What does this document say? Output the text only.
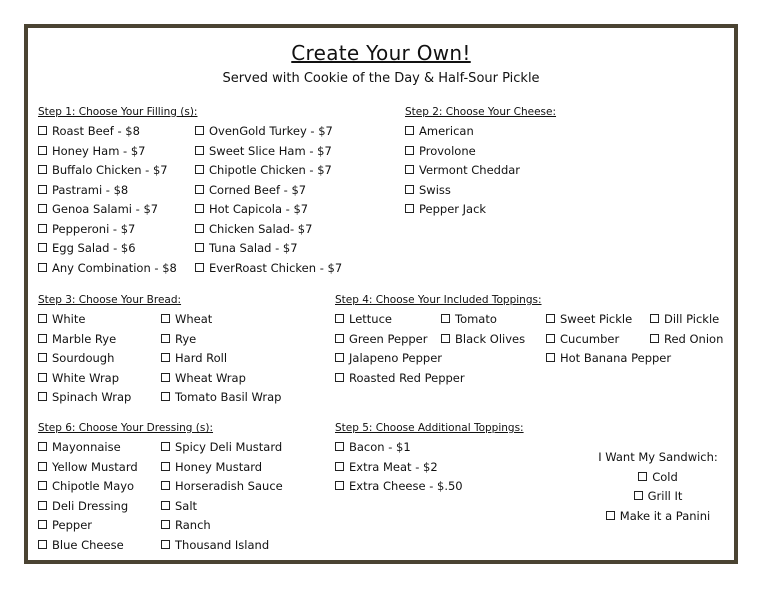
Create Your Own!
Served with Cookie of the Day & Half-Sour Pickle
Step 1: Choose Your Filling (s):
Roast Beef - $8
Honey Ham - $7
Buffalo Chicken - $7
Pastrami - $8
Genoa Salami - $7
Pepperoni - $7
Egg Salad - $6
Any Combination - $8
OvenGold Turkey - $7
Sweet Slice Ham - $7
Chipotle Chicken - $7
Corned Beef - $7
Hot Capicola - $7
Chicken Salad- $7
Tuna Salad - $7
EverRoast Chicken - $7
Step 2: Choose Your Cheese:
American
Provolone
Vermont Cheddar
Swiss
Pepper Jack
Step 3: Choose Your Bread:
White
Marble Rye
Sourdough
White Wrap
Spinach Wrap
Wheat
Rye
Hard Roll
Wheat Wrap
Tomato Basil Wrap
Step 4: Choose Your Included Toppings:
Lettuce
Green Pepper
Jalapeno Pepper
Roasted Red Pepper
Tomato
Black Olives
Sweet Pickle
Cucumber
Hot Banana Pepper
Dill Pickle
Red Onion
Step 6: Choose Your Dressing (s):
Mayonnaise
Yellow Mustard
Chipotle Mayo
Deli Dressing
Pepper
Blue Cheese
Spicy Deli Mustard
Honey Mustard
Horseradish Sauce
Salt
Ranch
Thousand Island
Step 5: Choose Additional Toppings:
Bacon - $1
Extra Meat - $2
Extra Cheese - $.50
I Want My Sandwich:
Cold
Grill It
Make it a Panini
